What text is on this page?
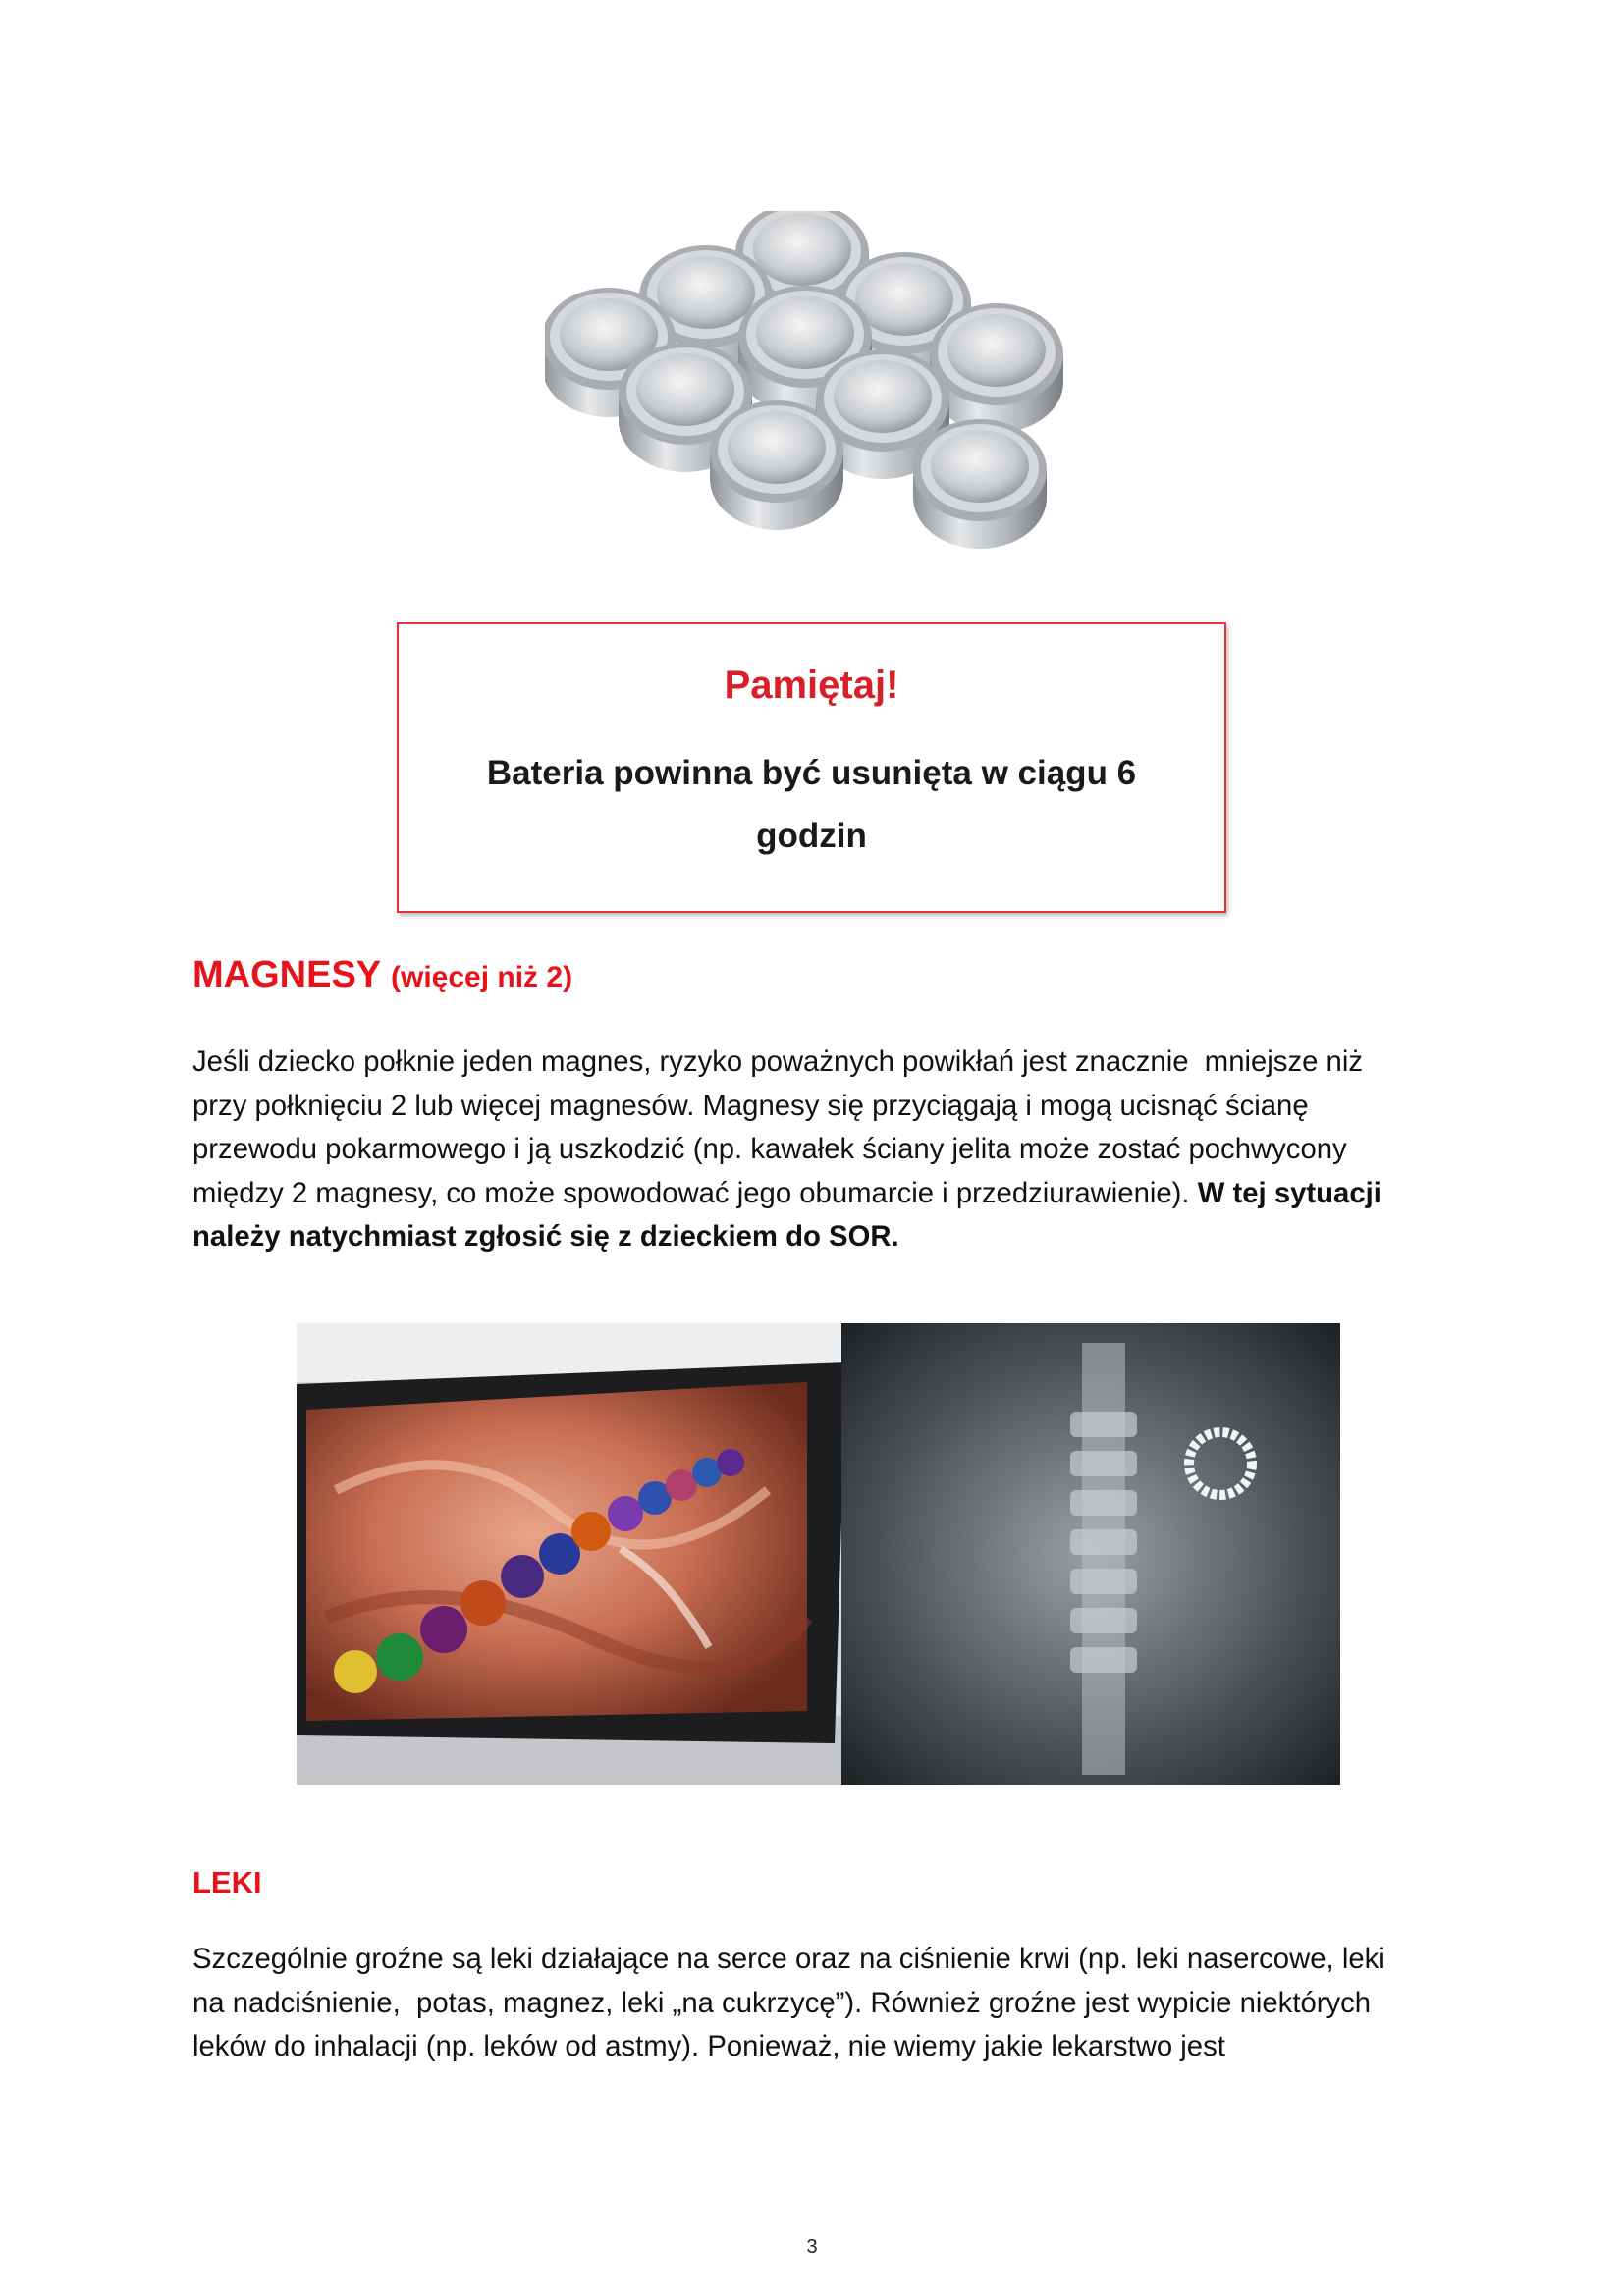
Pamiętaj!
Bateria powinna być usunięta w ciągu 6
godzin
MAGNESY (więcej niż 2)
Jeśli dziecko połknie jeden magnes, ryzyko poważnych powikłań jest znacznie  mniejsze niż
przy połknięciu 2 lub więcej magnesów. Magnesy się przyciągają i mogą ucisnąć ścianę
przewodu pokarmowego i ją uszkodzić (np. kawałek ściany jelita może zostać pochwycony
między 2 magnesy, co może spowodować jego obumarcie i przedziurawienie). W tej sytuacji
należy natychmiast zgłosić się z dzieckiem do SOR.
LEKI
Szczególnie groźne są leki działające na serce oraz na ciśnienie krwi (np. leki nasercowe, leki
na nadciśnienie,  potas, magnez, leki „na cukrzycę”). Również groźne jest wypicie niektórych
leków do inhalacji (np. leków od astmy). Ponieważ, nie wiemy jakie lekarstwo jest
3
